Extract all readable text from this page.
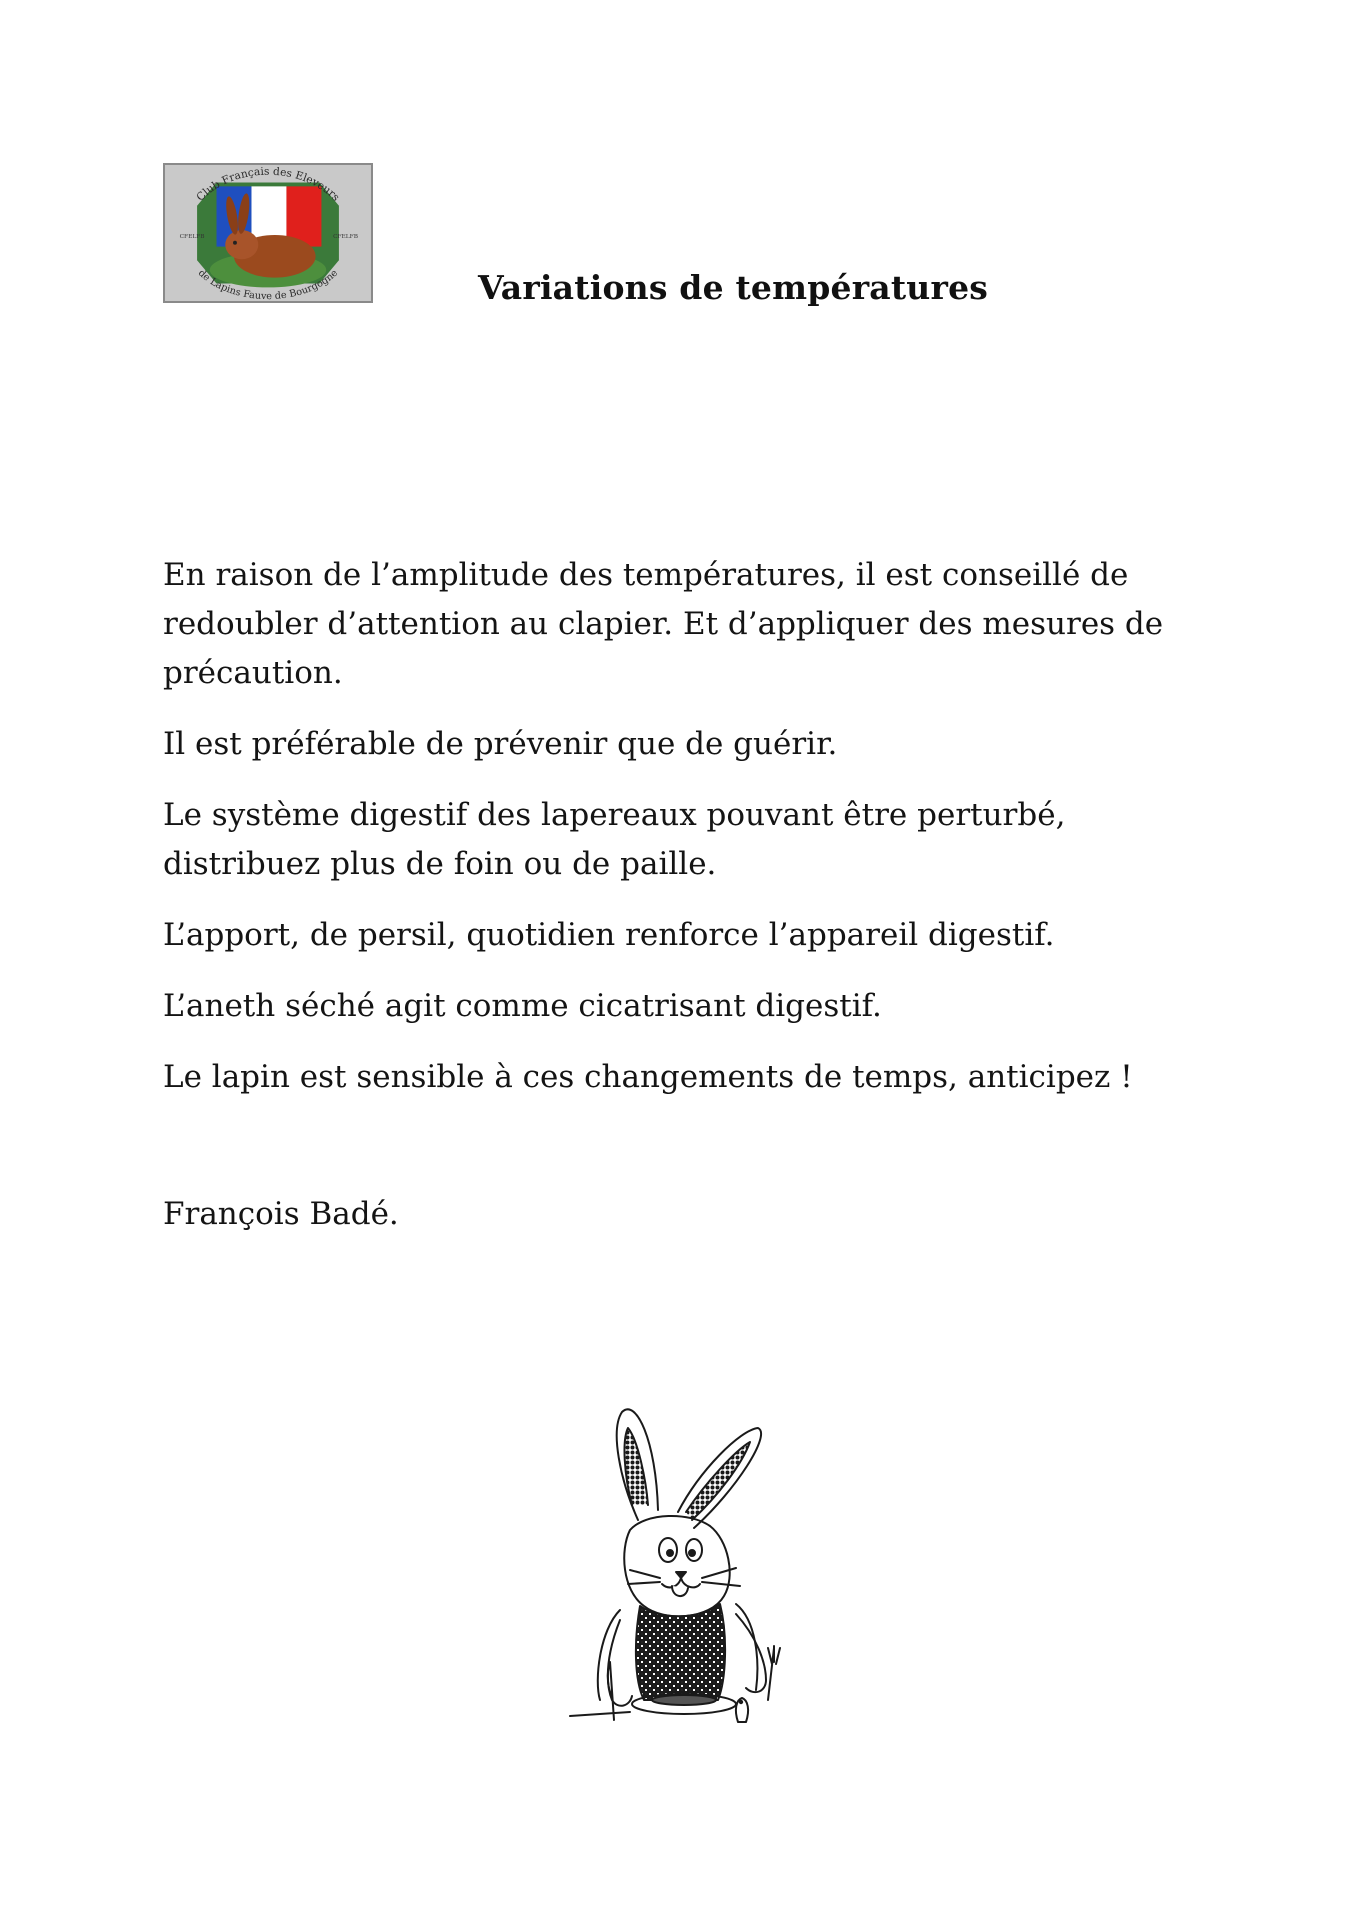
Club Français des Eleveurs
de Lapins Fauve de Bourgogne
CFELFB	CFELFB
Variations de températures

En raison de l’amplitude des températures, il est conseillé de redoubler d’attention au clapier. Et d’appliquer des mesures de précaution.

Il est préférable de prévenir que de guérir.

Le système digestif des lapereaux pouvant être perturbé, distribuez plus de foin ou de paille.

L’apport, de persil, quotidien renforce l’appareil digestif.

L’aneth séché agit comme cicatrisant digestif.

Le lapin est sensible à ces changements de temps, anticipez !

François Badé.
